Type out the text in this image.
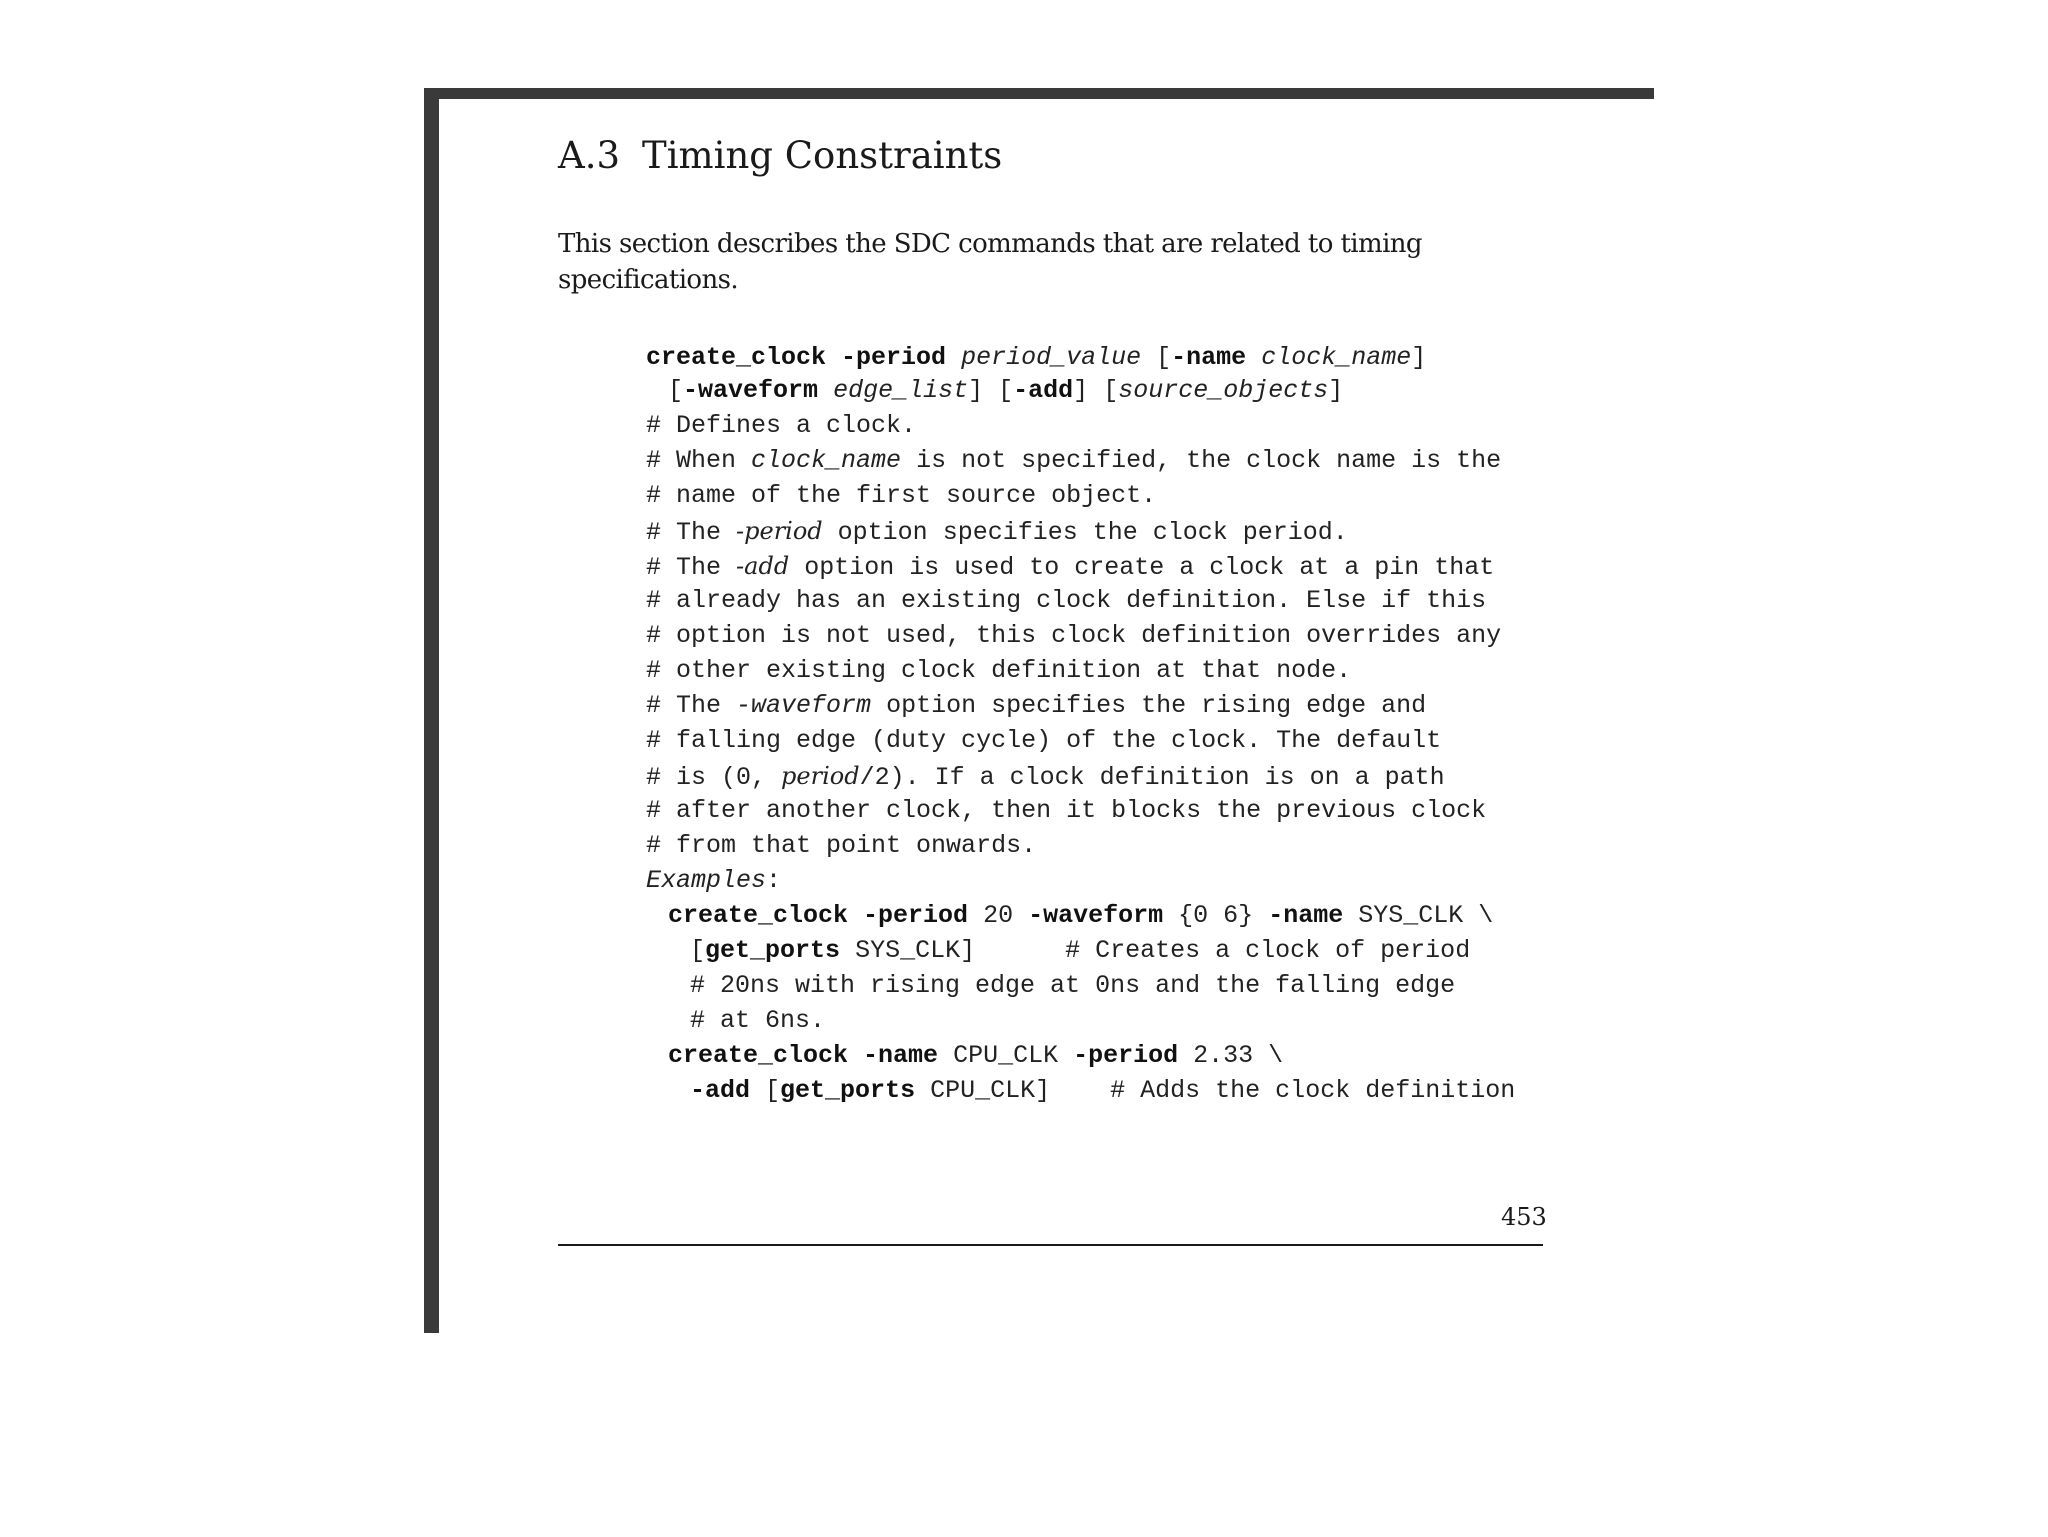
A.3 Timing Constraints

This section describes the SDC commands that are related to timing specifications.

create_clock -period period_value [-name clock_name]

[-waveform edge_list] [-add] [source_objects]

# Defines a clock.

# When clock_name is not specified, the clock name is the

# name of the first source object.

# The -period option specifies the clock period.

# The -add option is used to create a clock at a pin that

# already has an existing clock definition. Else if this

# option is not used, this clock definition overrides any

# other existing clock definition at that node.

# The -waveform option specifies the rising edge and

# falling edge (duty cycle) of the clock. The default

# is (0, period/2). If a clock definition is on a path

# after another clock, then it blocks the previous clock

# from that point onwards.

Examples:

create_clock -period 20 -waveform {0 6} -name SYS_CLK \

[get_ports SYS_CLK]	# Creates a clock of period

# 20ns with rising edge at 0ns and the falling edge

# at 6ns.

create_clock -name CPU_CLK -period 2.33 \

-add [get_ports CPU_CLK] # Adds the clock definition

453
